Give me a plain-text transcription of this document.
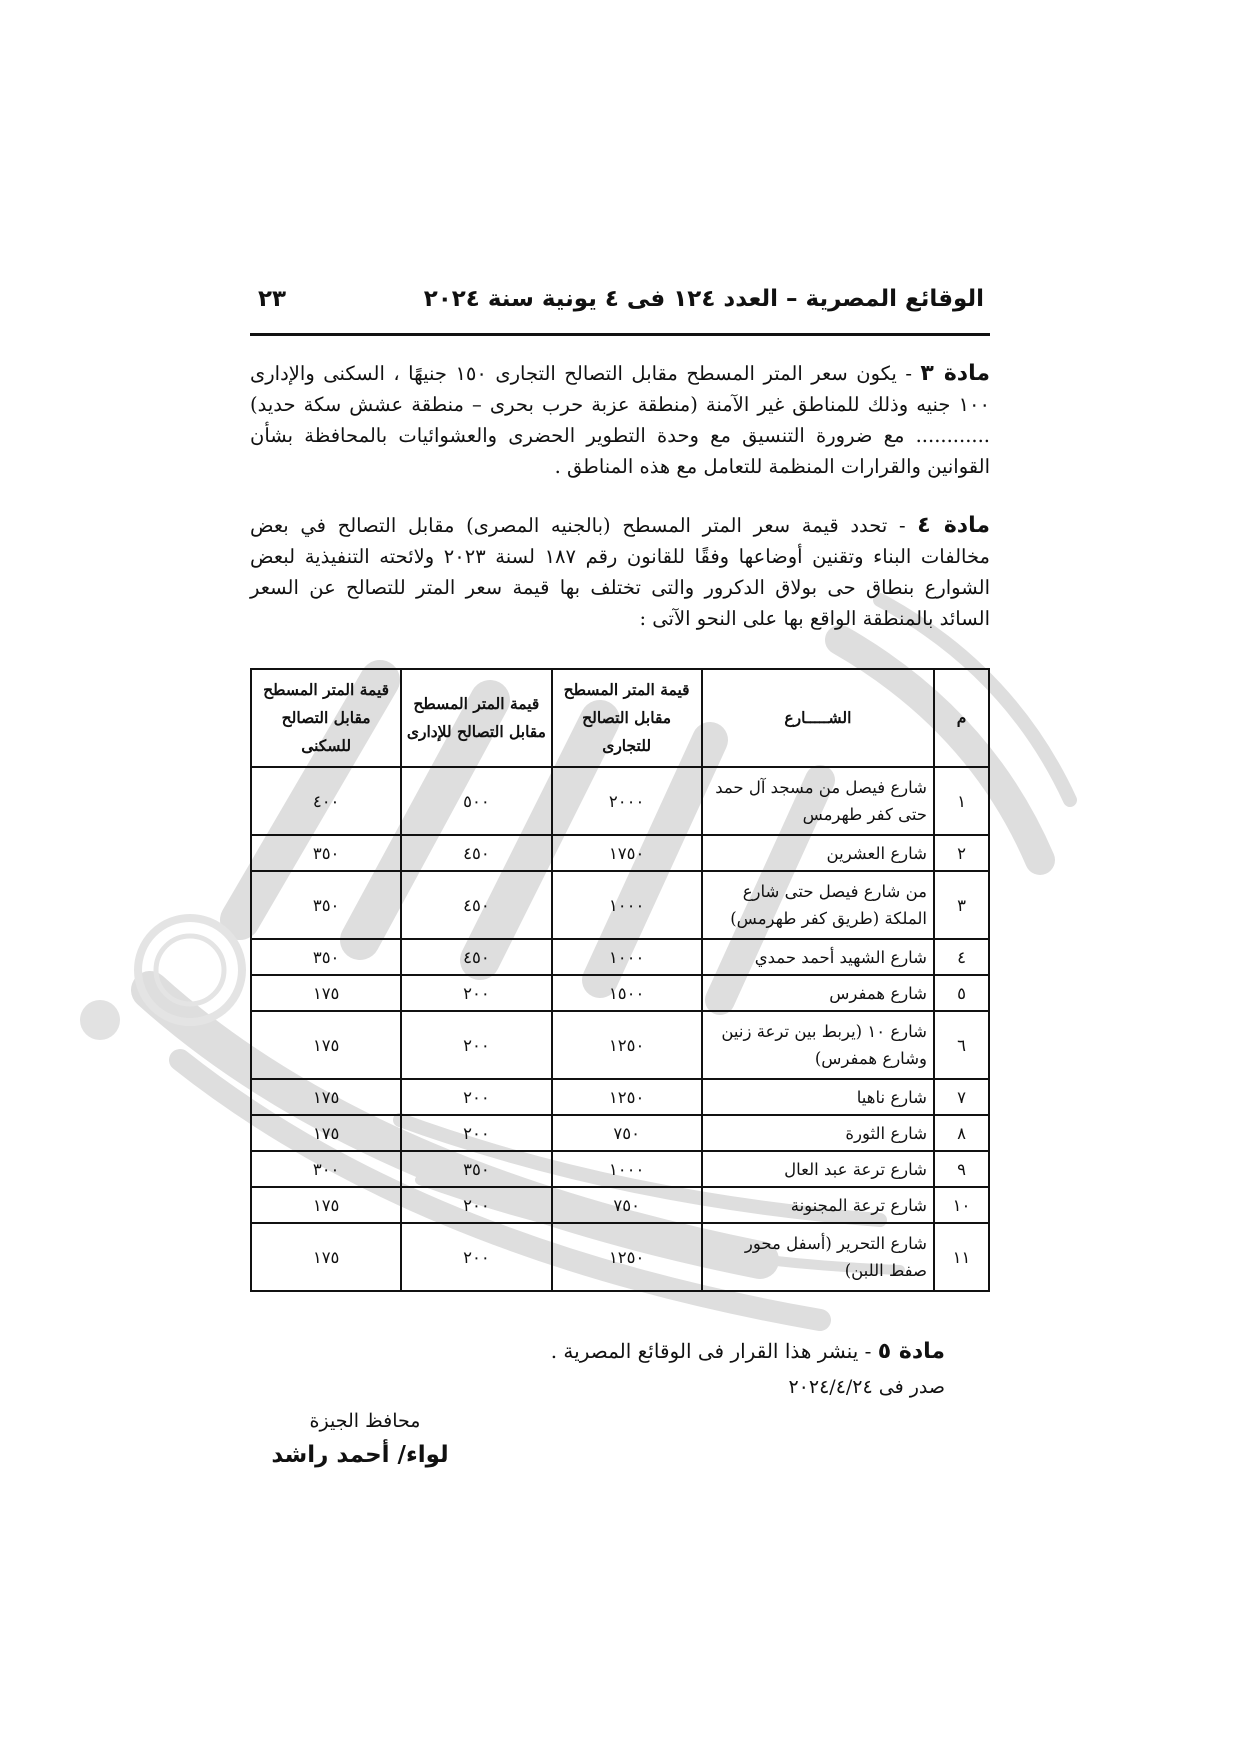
الوقائع المصرية – العدد ١٢٤ فى ٤ يونية سنة ٢٠٢٤
٢٣
مادة ٣ - يكون سعر المتر المسطح مقابل التصالح التجارى ١٥٠ جنيهًا ، السكنى والإدارى ١٠٠ جنيه وذلك للمناطق غير الآمنة (منطقة عزبة حرب بحرى – منطقة عشش سكة حديد) ............ مع ضرورة التنسيق مع وحدة التطوير الحضرى والعشوائيات بالمحافظة بشأن القوانين والقرارات المنظمة للتعامل مع هذه المناطق .
مادة ٤ - تحدد قيمة سعر المتر المسطح (بالجنيه المصرى) مقابل التصالح في بعض مخالفات البناء وتقنين أوضاعها وفقًا للقانون رقم ١٨٧ لسنة ٢٠٢٣ ولائحته التنفيذية لبعض الشوارع بنطاق حى بولاق الدكرور والتى تختلف بها قيمة سعر المتر للتصالح عن السعر السائد بالمنطقة الواقع بها على النحو الآتى :
م	الشـــــارع	قيمة المتر المسطح مقابل التصالح للتجارى	قيمة المتر المسطح مقابل التصالح للإدارى	قيمة المتر المسطح مقابل التصالح للسكنى
١	شارع فيصل من مسجد آل حمد حتى كفر طهرمس	٢٠٠٠	٥٠٠	٤٠٠
٢	شارع العشرين	١٧٥٠	٤٥٠	٣٥٠
٣	من شارع فيصل حتى شارع الملكة (طريق كفر طهرمس)	١٠٠٠	٤٥٠	٣٥٠
٤	شارع الشهيد أحمد حمدي	١٠٠٠	٤٥٠	٣٥٠
٥	شارع همفرس	١٥٠٠	٢٠٠	١٧٥
٦	شارع ١٠ (يربط بين ترعة زنين وشارع همفرس)	١٢٥٠	٢٠٠	١٧٥
٧	شارع ناهيا	١٢٥٠	٢٠٠	١٧٥
٨	شارع الثورة	٧٥٠	٢٠٠	١٧٥
٩	شارع ترعة عبد العال	١٠٠٠	٣٥٠	٣٠٠
١٠	شارع ترعة المجنونة	٧٥٠	٢٠٠	١٧٥
١١	شارع التحرير (أسفل محور صفط اللبن)	١٢٥٠	٢٠٠	١٧٥
مادة ٥ - ينشر هذا القرار فى الوقائع المصرية .
صدر فى ٢٠٢٤/٤/٢٤
محافظ الجيزة
لواء/ أحمد راشد
